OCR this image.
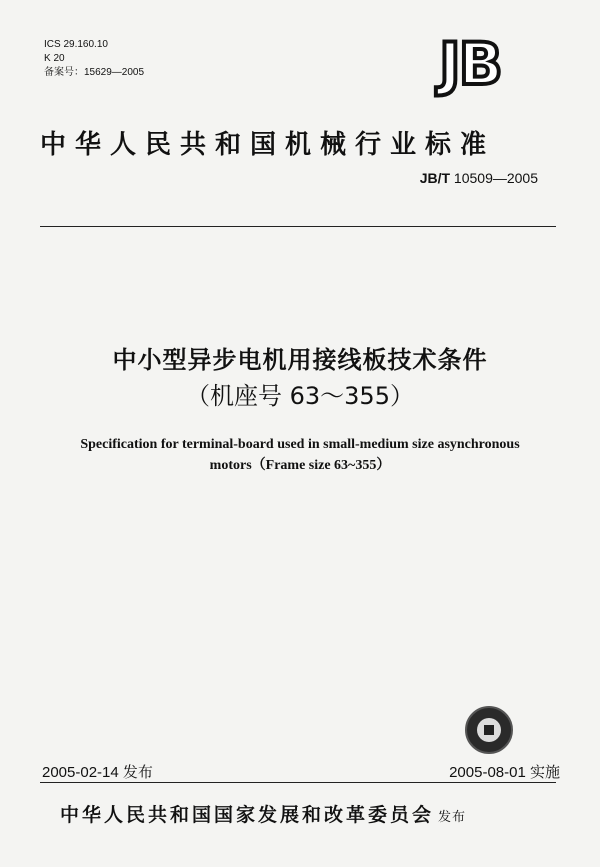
ICS 29.160.10
K 20
备案号：15629—2005	JB
中华人民共和国机械行业标准
JB/T 10509—2005
中小型异步电机用接线板技术条件
（机座号 63～355）
Specification for terminal-board used in small-medium size asynchronous
motors（Frame size 63~355）
2005-02-14 发布	2005-08-01 实施
中华人民共和国国家发展和改革委员会 发布
